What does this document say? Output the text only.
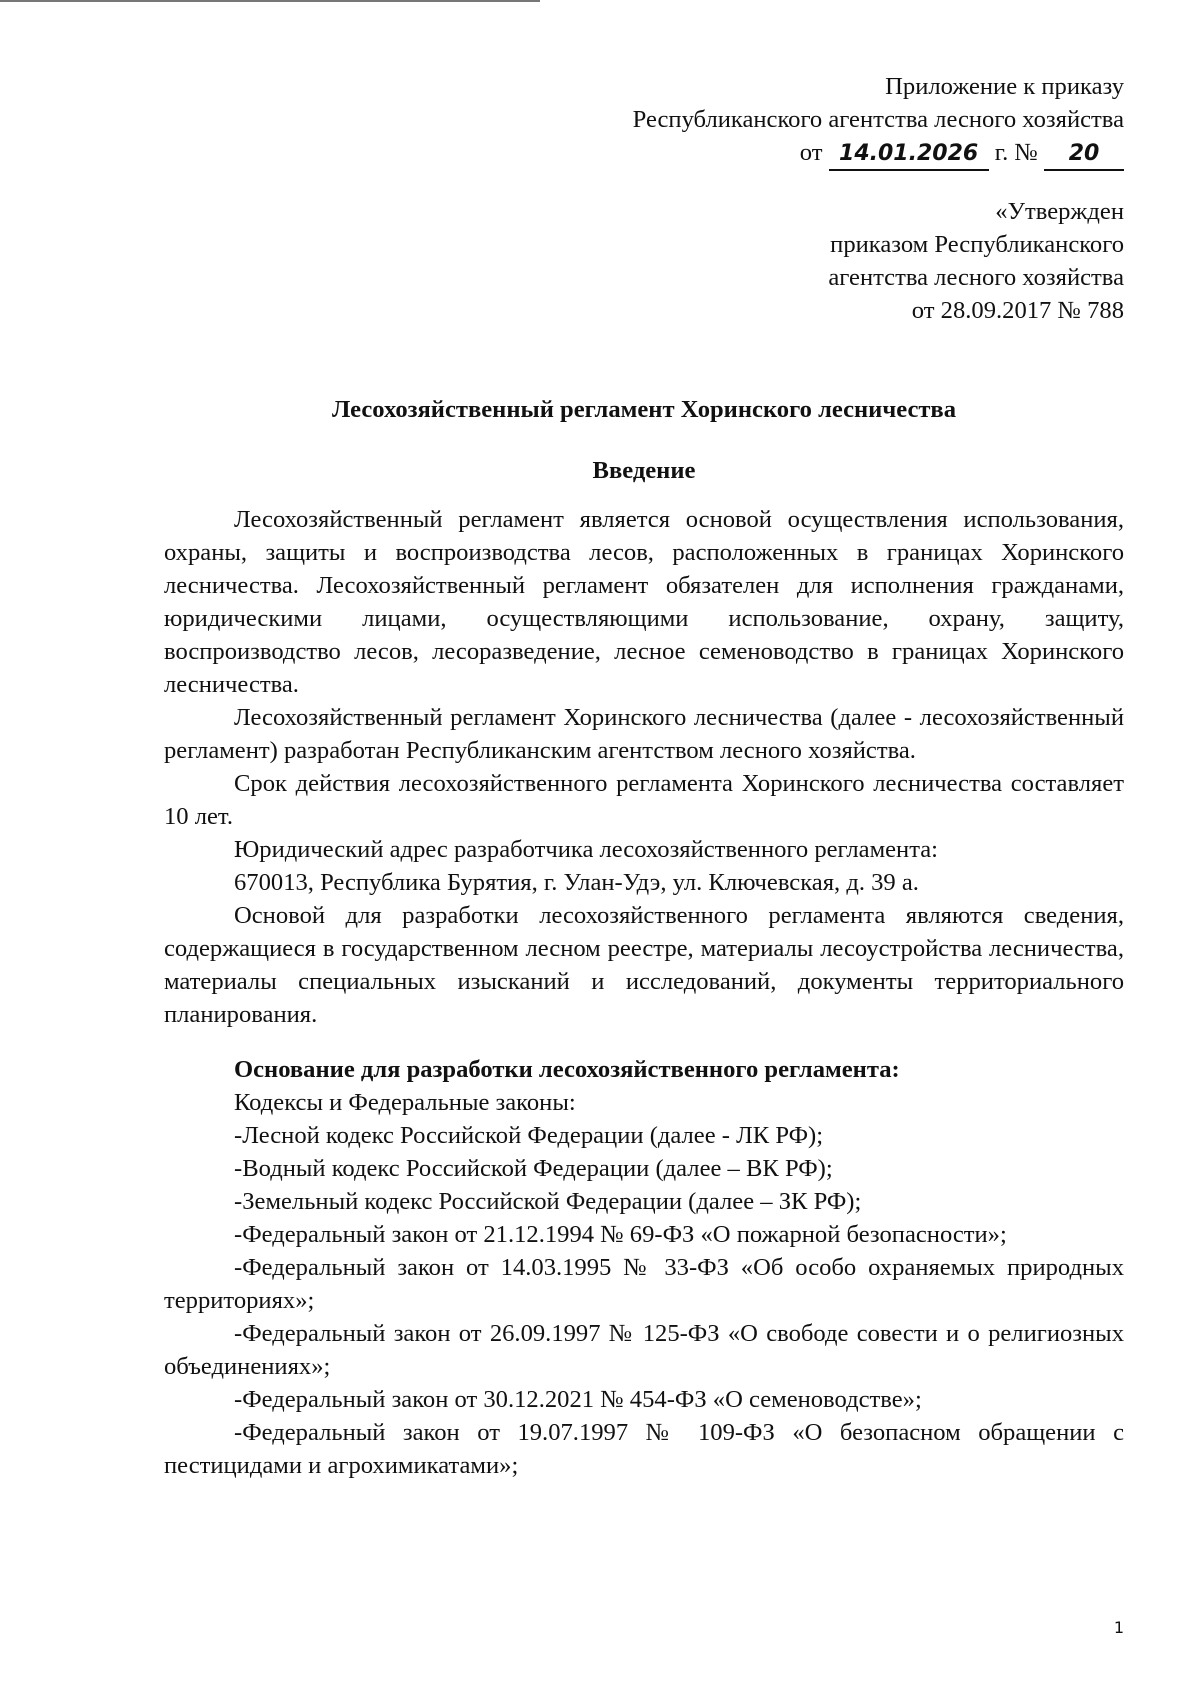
Приложение к приказу

Республиканского агентства лесного хозяйства

от 14.01.2026 г. № 20

«Утвержден

приказом Республиканского

агентства лесного хозяйства

от 28.09.2017 № 788

Лесохозяйственный регламент Хоринского лесничества

Введение

Лесохозяйственный регламент является основой осуществления использования, охраны, защиты и воспроизводства лесов, расположенных в границах Хоринского лесничества. Лесохозяйственный регламент обязателен для исполнения гражданами, юридическими лицами, осуществляющими использование, охрану, защиту, воспроизводство лесов, лесоразведение, лесное семеноводство в границах Хоринского лесничества.

Лесохозяйственный регламент Хоринского лесничества (далее - лесохозяйственный регламент) разработан Республиканским агентством лесного хозяйства.

Срок действия лесохозяйственного регламента Хоринского лесничества составляет 10 лет.

Юридический адрес разработчика лесохозяйственного регламента:

670013, Республика Бурятия, г. Улан-Удэ, ул. Ключевская, д. 39 а.

Основой для разработки лесохозяйственного регламента являются сведения, содержащиеся в государственном лесном реестре, материалы лесоустройства лесничества, материалы специальных изысканий и исследований, документы территориального планирования.

Основание для разработки лесохозяйственного регламента:

Кодексы и Федеральные законы:

-Лесной кодекс Российской Федерации (далее - ЛК РФ);

-Водный кодекс Российской Федерации (далее – ВК РФ);

-Земельный кодекс Российской Федерации (далее – ЗК РФ);

-Федеральный закон от 21.12.1994 № 69-ФЗ «О пожарной безопасности»;

-Федеральный закон от 14.03.1995 № 33-ФЗ «Об особо охраняемых природных территориях»;

-Федеральный закон от 26.09.1997 № 125-ФЗ «О свободе совести и о религиозных объединениях»;

-Федеральный закон от 30.12.2021 № 454-ФЗ «О семеноводстве»;

-Федеральный закон от 19.07.1997 № 109-ФЗ «О безопасном обращении с пестицидами и агрохимикатами»;

1
